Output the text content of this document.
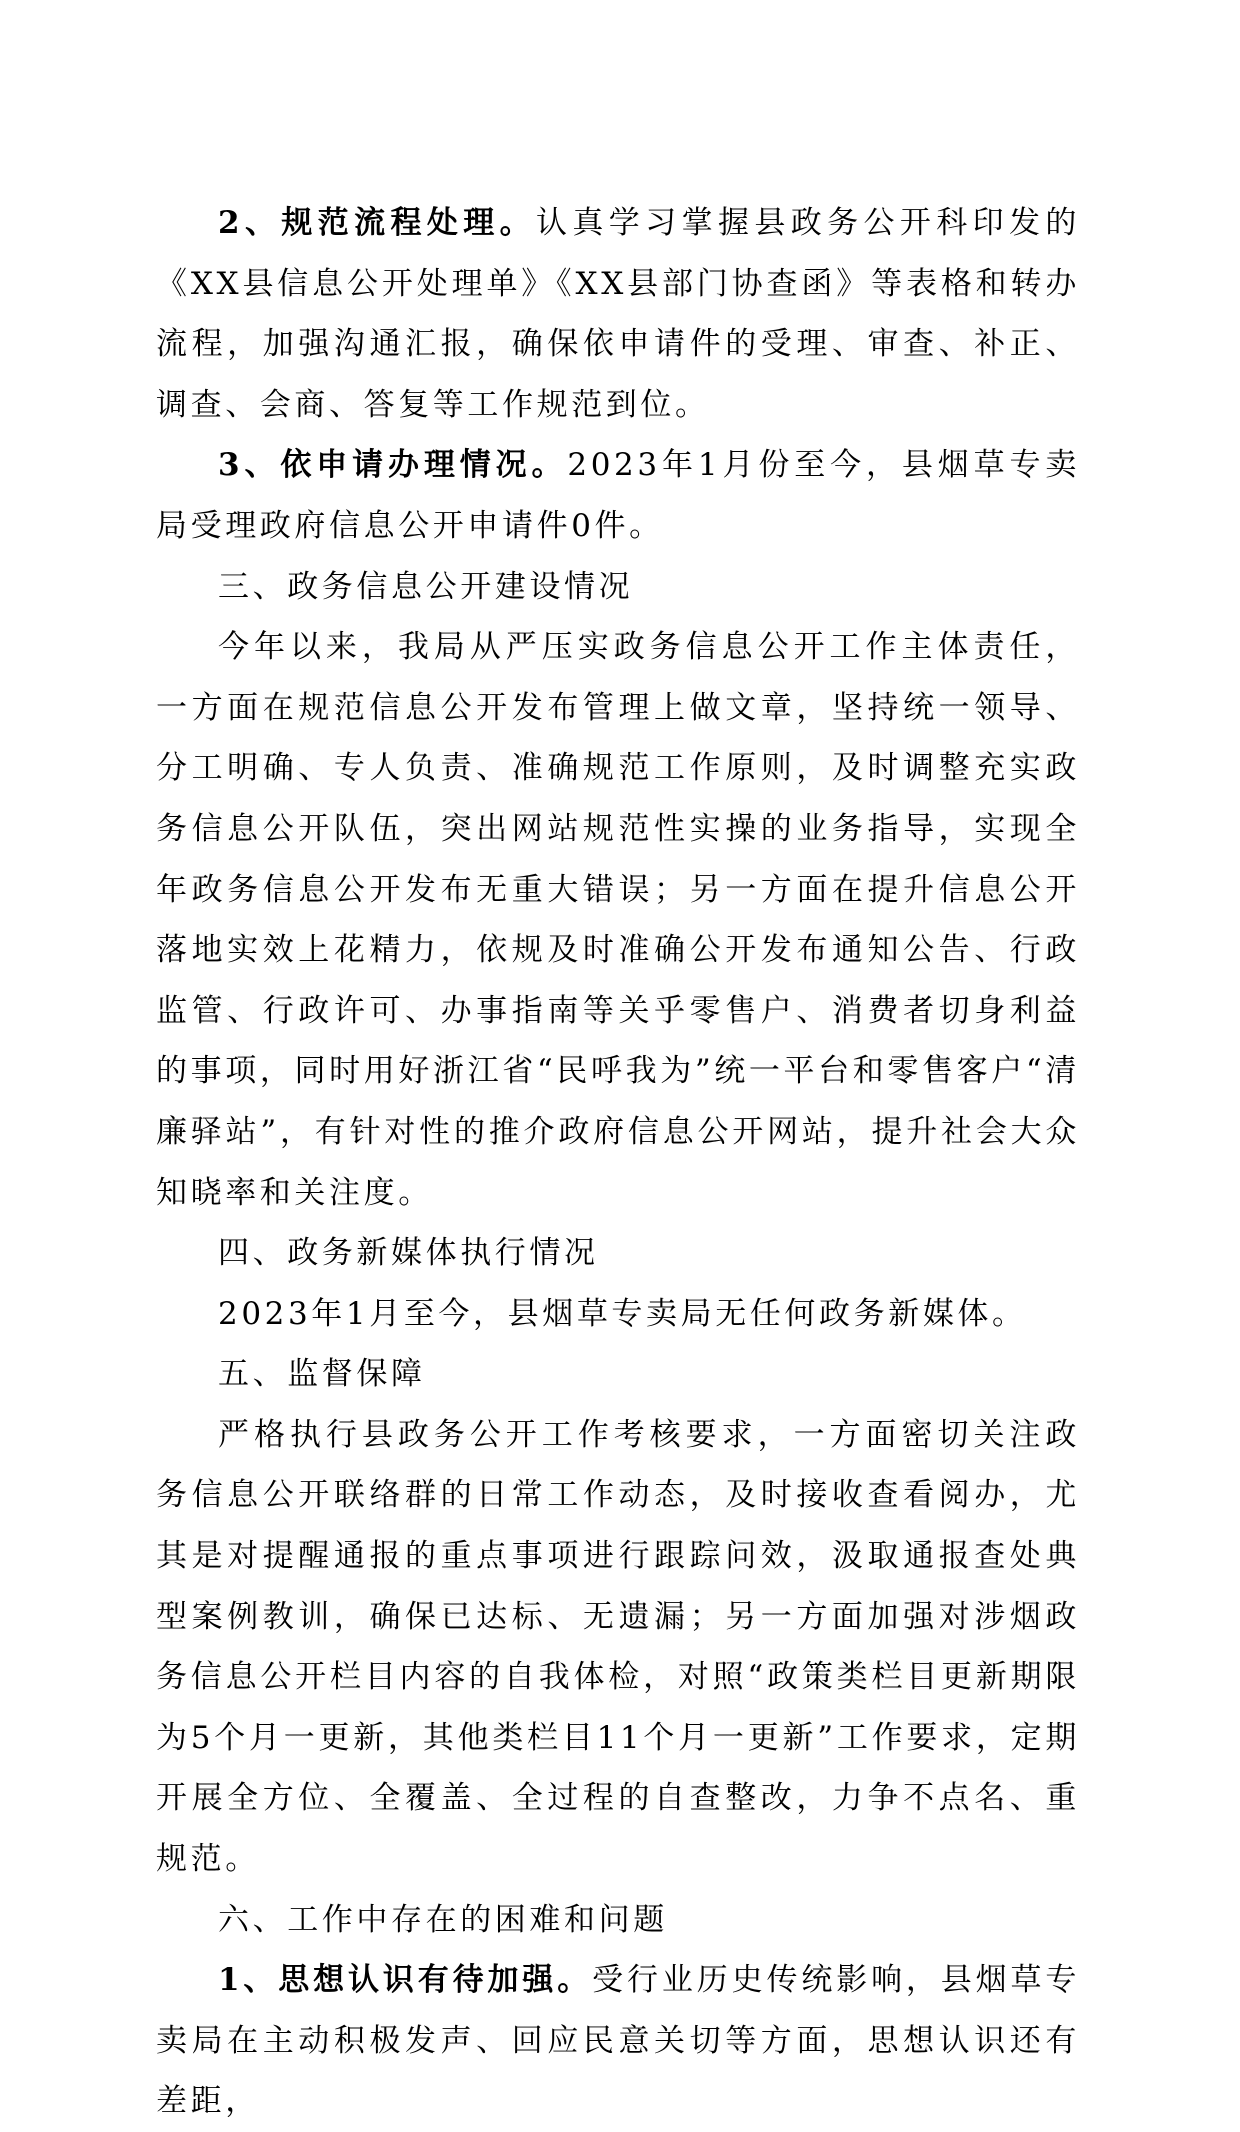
2、规范流程处理。认真学习掌握县政务公开科印发的《XX县信息公开处理单》《XX县部门协查函》等表格和转办流程，加强沟通汇报，确保依申请件的受理、审查、补正、调查、会商、答复等工作规范到位。

3、依申请办理情况。2023年1月份至今，县烟草专卖局受理政府信息公开申请件0件。

三、政务信息公开建设情况

今年以来，我局从严压实政务信息公开工作主体责任，一方面在规范信息公开发布管理上做文章，坚持统一领导、分工明确、专人负责、准确规范工作原则，及时调整充实政务信息公开队伍，突出网站规范性实操的业务指导，实现全年政务信息公开发布无重大错误；另一方面在提升信息公开落地实效上花精力，依规及时准确公开发布通知公告、行政监管、行政许可、办事指南等关乎零售户、消费者切身利益的事项，同时用好浙江省“民呼我为”统一平台和零售客户“清廉驿站”，有针对性的推介政府信息公开网站，提升社会大众知晓率和关注度。

四、政务新媒体执行情况

2023年1月至今，县烟草专卖局无任何政务新媒体。

五、监督保障

严格执行县政务公开工作考核要求，一方面密切关注政务信息公开联络群的日常工作动态，及时接收查看阅办，尤其是对提醒通报的重点事项进行跟踪问效，汲取通报查处典型案例教训，确保已达标、无遗漏；另一方面加强对涉烟政务信息公开栏目内容的自我体检，对照“政策类栏目更新期限为5个月一更新，其他类栏目11个月一更新”工作要求，定期开展全方位、全覆盖、全过程的自查整改，力争不点名、重规范。

六、工作中存在的困难和问题

1、思想认识有待加强。受行业历史传统影响，县烟草专卖局在主动积极发声、回应民意关切等方面，思想认识还有差距，
